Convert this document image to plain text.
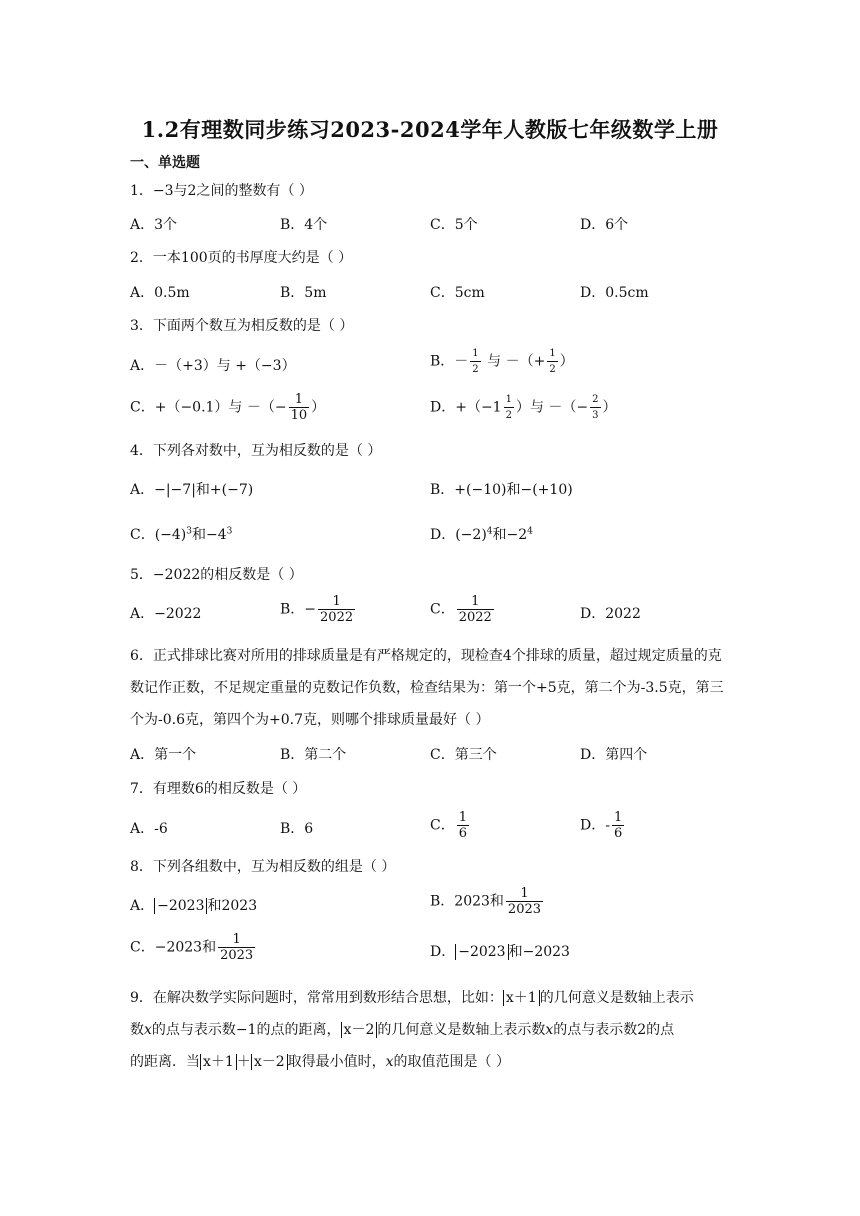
1.2有理数同步练习2023-2024学年人教版七年级数学上册
一、单选题
1．−3与2之间的整数有（ ）
A．3个	B．4个	C．5个	D．6个
2．一本100页的书厚度大约是（ ）
A．0.5m	B．5m	C．5cm	D．0.5cm
3．下面两个数互为相反数的是（ ）
A．－（+3）与 +（−3）	B．－ $\frac{1}{2}$ 与 －（+ $\frac{1}{2}$ ）
C．+（−0.1）与 －（− $\frac{1}{10}$ ）	D．$+(-1 \frac{1}{2}$ ）与 －（− $\frac{2}{3}$ ）
4．下列各对数中，互为相反数的是（ ）
A．−|−7|和+(−7)	B．+(−10)和−(+10)
C．$(-4)^3$和$-4^3$	D．$(-2)^4$和$-2^4$
5．−2022的相反数是（ ）
A．−2022	B．− $\frac{1}{2022}$	C． $\frac{1}{2022}$	D．2022
6．正式排球比赛对所用的排球质量是有严格规定的，现检查4个排球的质量，超过规定质量的克数记作正数，不足规定重量的克数记作负数，检查结果为：第一个+5克，第二个为-3.5克，第三个为-0.6克，第四个为+0.7克，则哪个排球质量最好（ ）
A．第一个	B．第二个	C．第三个	D．第四个
7．有理数6的相反数是（ ）
A．-6	B．6	C． $\frac{1}{6}$	D．- $\frac{1}{6}$
8．下列各组数中，互为相反数的组是（ ）
A． −2023 和2023	B．2023和 $\frac{1}{2023}$
C．−2023和 $\frac{1}{2023}$	D． −2023 和−2023
9．在解决数学实际问题时，常常用到数形结合思想，比如： x＋1 的几何意义是数轴上表示
数x的点与表示数−1的点的距离， x－2 的几何意义是数轴上表示数x的点与表示数2的点
的距离．当 x＋1 ＋ x－2 取得最小值时，x的取值范围是（ ）
